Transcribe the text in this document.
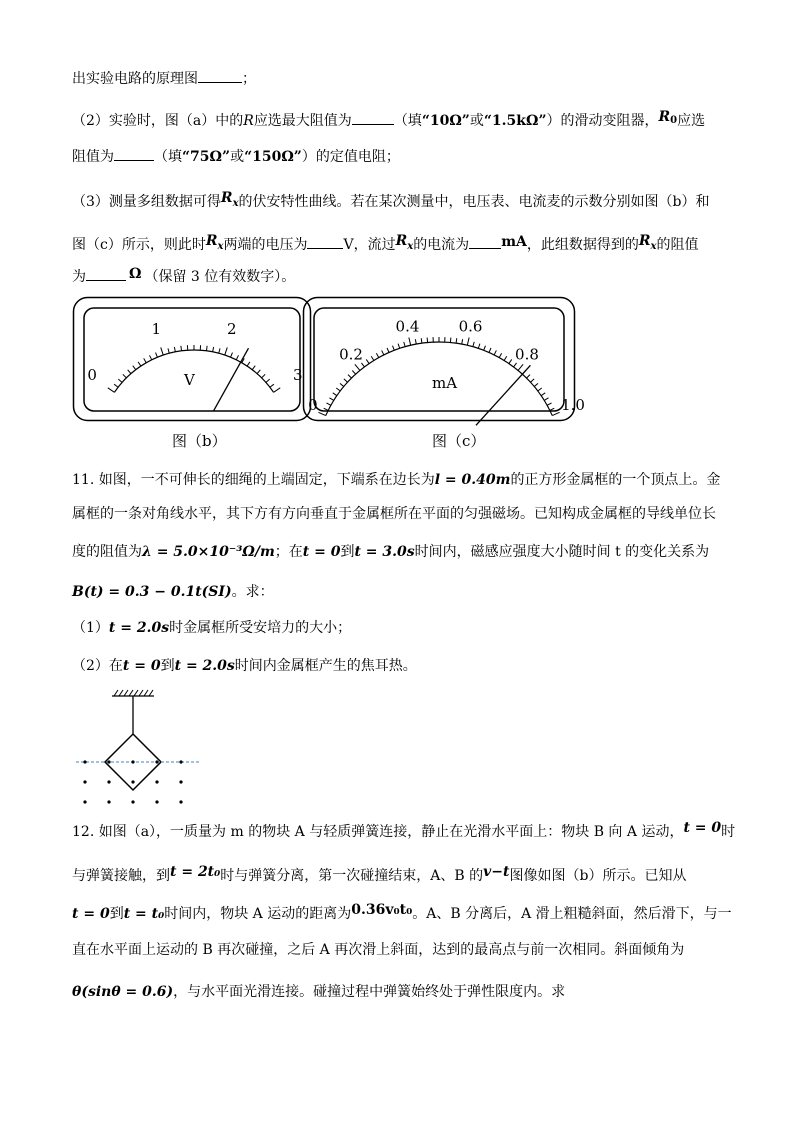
出实验电路的原理图	；
（2）实验时，图（a）中的R应选最大阻值为	（填“10Ω”或“1.5kΩ”）的滑动变阻器，$R_0$应选
阻值为	（填“75Ω”或“150Ω”）的定值电阻；
（3）测量多组数据可得$R_x$的伏安特性曲线。若在某次测量中，电压表、电流麦的示数分别如图（b）和
图（c）所示，则此时$R_x$两端的电压为	V，流过$R_x$的电流为 mA，此组数据得到的$R_x$的阻值
为	Ω （保留 3 位有效数字）。
0
1	2
3
V
图（b）
0
0.2
0.4	0.6
0.8
1.0
mA
图（c）
11. 如图，一不可伸长的细绳的上端固定，下端系在边长为l = 0.40m的正方形金属框的一个顶点上。金
属框的一条对角线水平，其下方有方向垂直于金属框所在平面的匀强磁场。已知构成金属框的导线单位长
度的阻值为λ = 5.0×10⁻³Ω/m；在t = 0到t = 3.0s时间内，磁感应强度大小随时间 t 的变化关系为
B(t) = 0.3 − 0.1t(SI)。求：
（1）t = 2.0s时金属框所受安培力的大小；
（2）在t = 0到t = 2.0s时间内金属框产生的焦耳热。
12. 如图（a），一质量为 m 的物块 A 与轻质弹簧连接，静止在光滑水平面上：物块 B 向 A 运动，t = 0时
与弹簧接触，到t = 2t₀时与弹簧分离，第一次碰撞结束，A、B 的v−t图像如图（b）所示。已知从
t = 0到t = t₀时间内，物块 A 运动的距离为0.36v₀t₀。A、B 分离后，A 滑上粗糙斜面，然后滑下，与一
直在水平面上运动的 B 再次碰撞，之后 A 再次滑上斜面，达到的最高点与前一次相同。斜面倾角为
θ(sinθ = 0.6)，与水平面光滑连接。碰撞过程中弹簧始终处于弹性限度内。求
